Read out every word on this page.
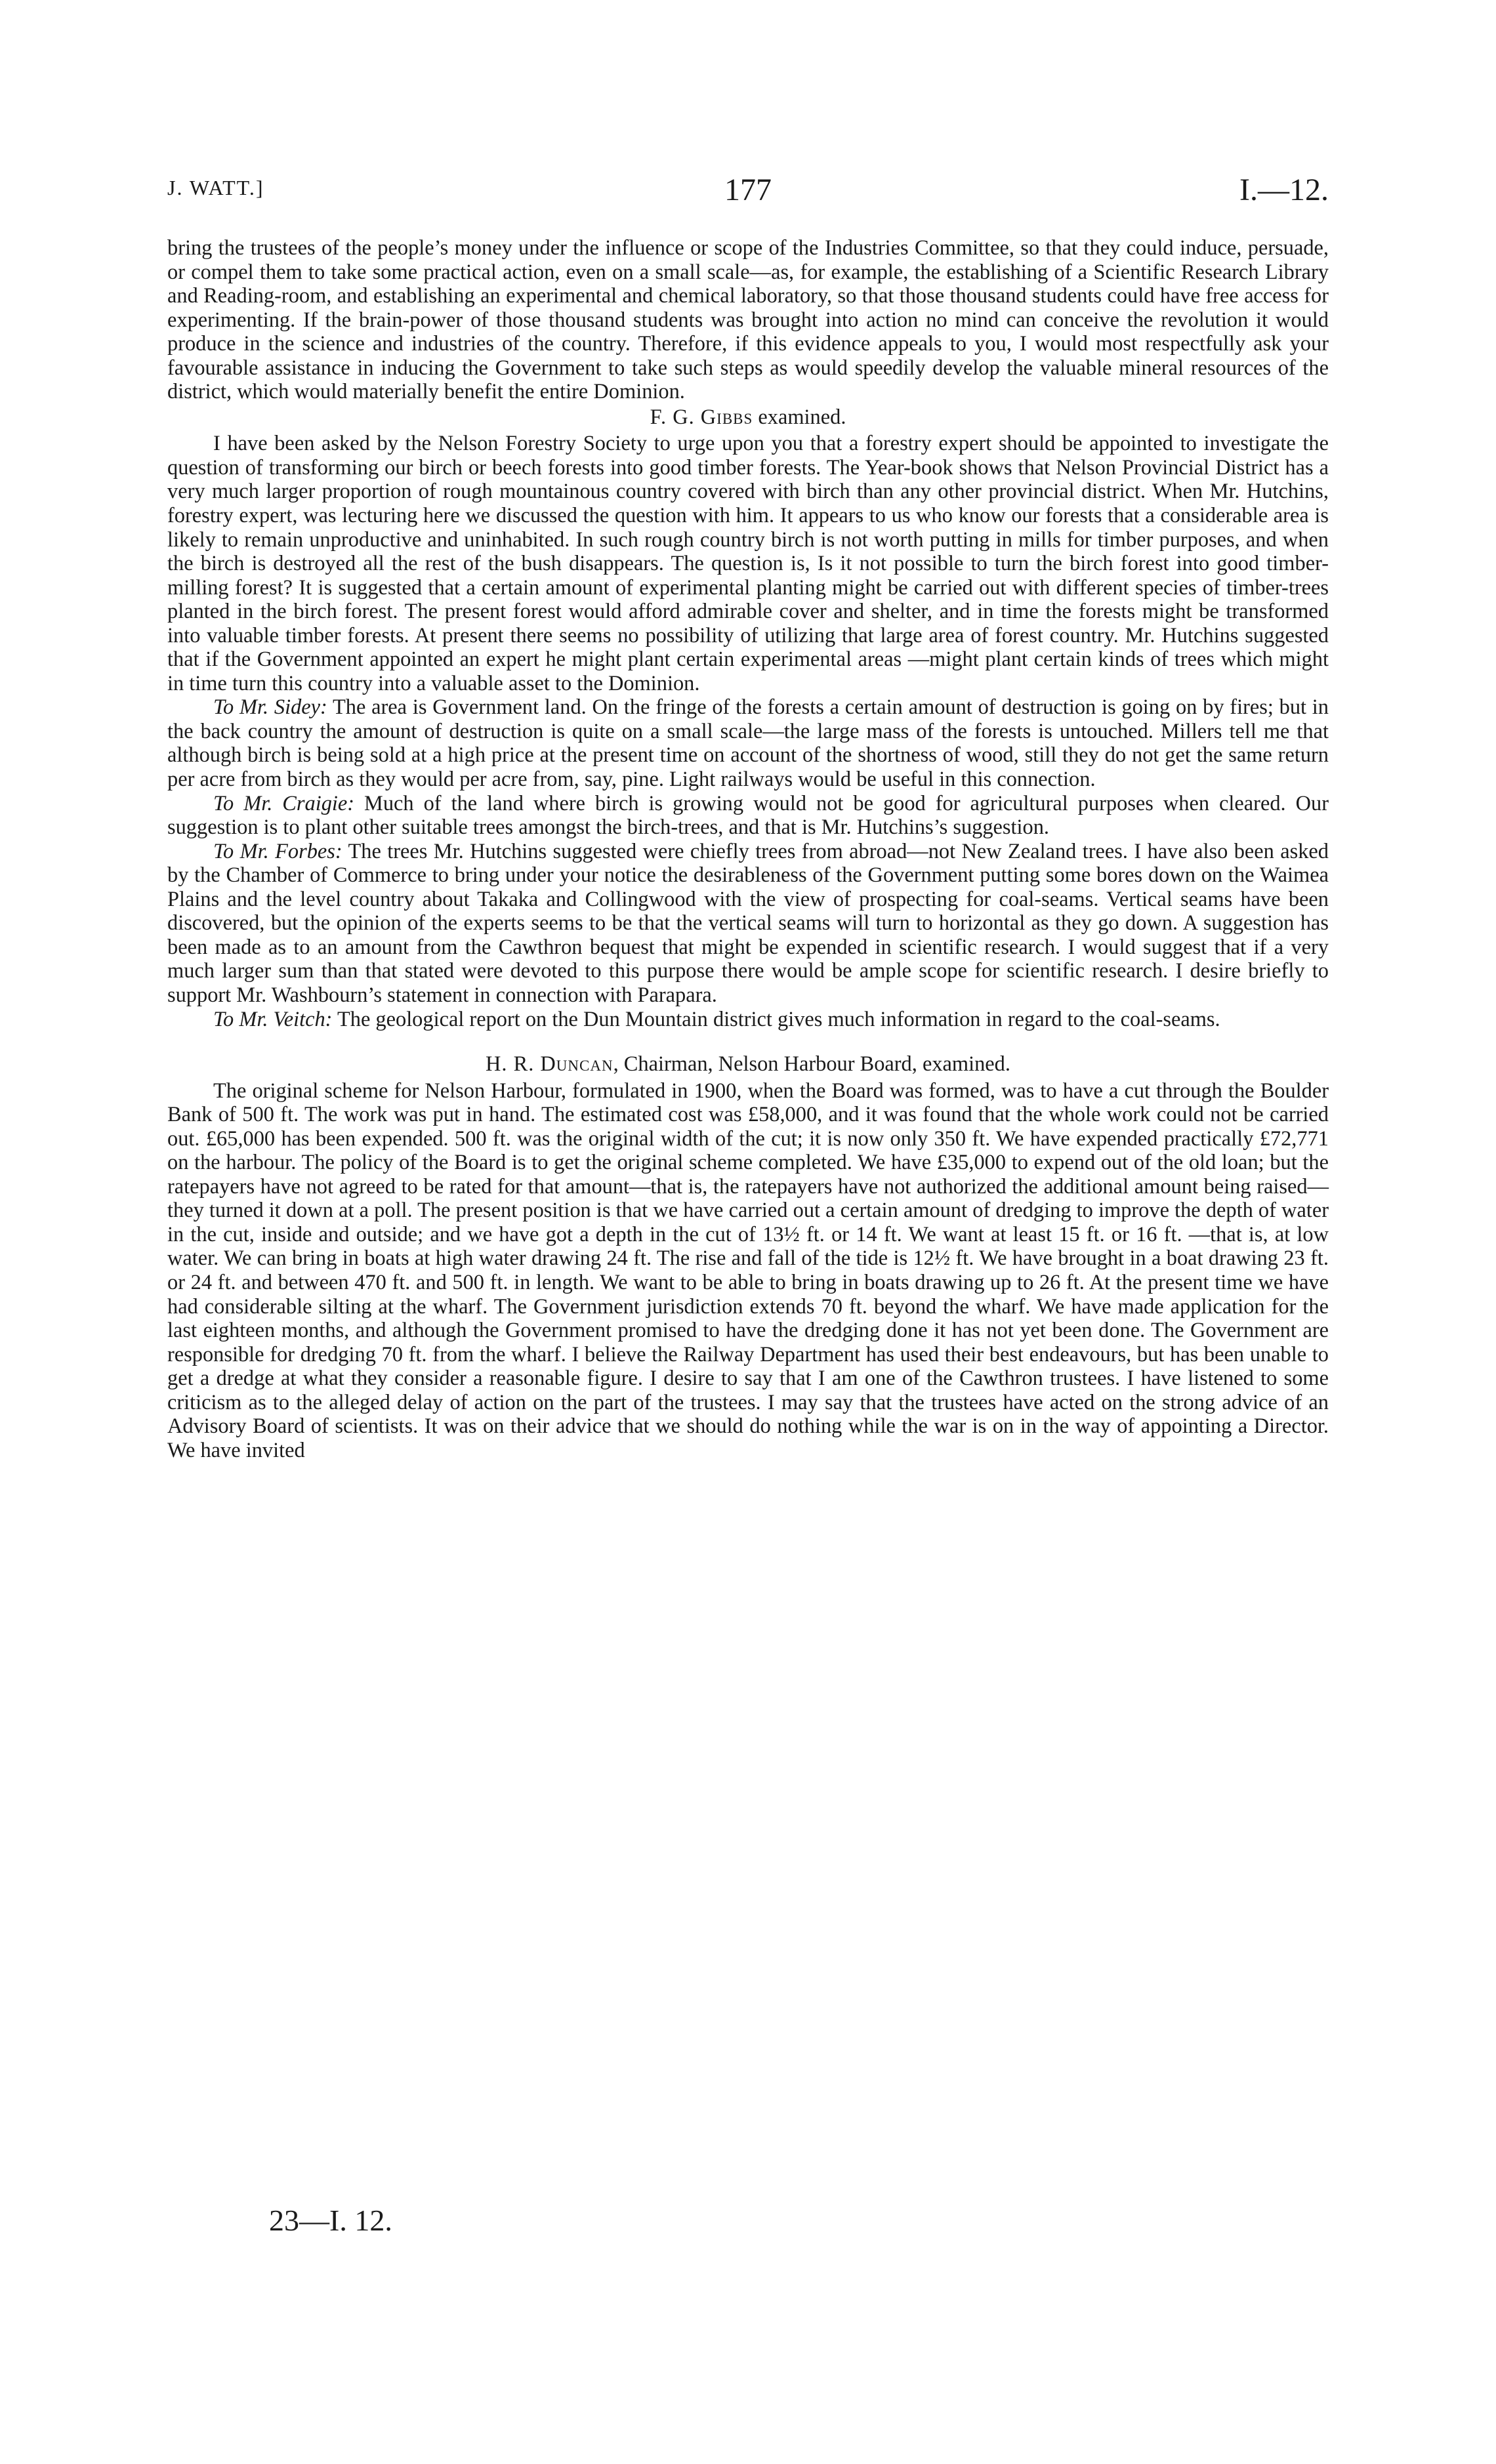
J. WATT.]	177	I.—12.

bring the trustees of the people’s money under the influence or scope of the Industries Committee, so that they could induce, persuade, or compel them to take some practical action, even on a small scale—as, for example, the establishing of a Scientific Research Library and Reading-room, and establishing an experimental and chemical laboratory, so that those thousand students could have free access for experimenting. If the brain-power of those thousand students was brought into action no mind can conceive the revolution it would produce in the science and industries of the country. Therefore, if this evidence appeals to you, I would most respectfully ask your favourable assistance in inducing the Government to take such steps as would speedily develop the valuable mineral resources of the district, which would materially benefit the entire Dominion.

F. G. Gibbs examined.

I have been asked by the Nelson Forestry Society to urge upon you that a forestry expert should be appointed to investigate the question of transforming our birch or beech forests into good timber forests. The Year-book shows that Nelson Provincial District has a very much larger proportion of rough mountainous country covered with birch than any other provincial district. When Mr. Hutchins, forestry expert, was lecturing here we discussed the question with him. It appears to us who know our forests that a considerable area is likely to remain unproductive and uninhabited. In such rough country birch is not worth putting in mills for timber purposes, and when the birch is destroyed all the rest of the bush disappears. The question is, Is it not possible to turn the birch forest into good timber-milling forest? It is suggested that a certain amount of experimental planting might be carried out with different species of timber-trees planted in the birch forest. The present forest would afford admirable cover and shelter, and in time the forests might be transformed into valuable timber forests. At present there seems no possibility of utilizing that large area of forest country. Mr. Hutchins suggested that if the Government appointed an expert he might plant certain experimental areas —might plant certain kinds of trees which might in time turn this country into a valuable asset to the Dominion.

To Mr. Sidey: The area is Government land. On the fringe of the forests a certain amount of destruction is going on by fires; but in the back country the amount of destruction is quite on a small scale—the large mass of the forests is untouched. Millers tell me that although birch is being sold at a high price at the present time on account of the shortness of wood, still they do not get the same return per acre from birch as they would per acre from, say, pine. Light railways would be useful in this connection.

To Mr. Craigie: Much of the land where birch is growing would not be good for agricultural purposes when cleared. Our suggestion is to plant other suitable trees amongst the birch-trees, and that is Mr. Hutchins’s suggestion.

To Mr. Forbes: The trees Mr. Hutchins suggested were chiefly trees from abroad—not New Zealand trees. I have also been asked by the Chamber of Commerce to bring under your notice the desirableness of the Government putting some bores down on the Waimea Plains and the level country about Takaka and Collingwood with the view of prospecting for coal-seams. Vertical seams have been discovered, but the opinion of the experts seems to be that the vertical seams will turn to horizontal as they go down. A suggestion has been made as to an amount from the Cawthron bequest that might be expended in scientific research. I would suggest that if a very much larger sum than that stated were devoted to this purpose there would be ample scope for scientific research. I desire briefly to support Mr. Washbourn’s statement in connection with Parapara.

To Mr. Veitch: The geological report on the Dun Mountain district gives much information in regard to the coal-seams.

H. R. Duncan, Chairman, Nelson Harbour Board, examined.

The original scheme for Nelson Harbour, formulated in 1900, when the Board was formed, was to have a cut through the Boulder Bank of 500 ft. The work was put in hand. The estimated cost was £58,000, and it was found that the whole work could not be carried out. £65,000 has been expended. 500 ft. was the original width of the cut; it is now only 350 ft. We have expended practically £72,771 on the harbour. The policy of the Board is to get the original scheme completed. We have £35,000 to expend out of the old loan; but the ratepayers have not agreed to be rated for that amount—that is, the ratepayers have not authorized the additional amount being raised—they turned it down at a poll. The present position is that we have carried out a certain amount of dredging to improve the depth of water in the cut, inside and outside; and we have got a depth in the cut of 13½ ft. or 14 ft. We want at least 15 ft. or 16 ft. —that is, at low water. We can bring in boats at high water drawing 24 ft. The rise and fall of the tide is 12½ ft. We have brought in a boat drawing 23 ft. or 24 ft. and between 470 ft. and 500 ft. in length. We want to be able to bring in boats drawing up to 26 ft. At the present time we have had considerable silting at the wharf. The Government jurisdiction extends 70 ft. beyond the wharf. We have made application for the last eighteen months, and although the Government promised to have the dredging done it has not yet been done. The Government are responsible for dredging 70 ft. from the wharf. I believe the Railway Department has used their best endeavours, but has been unable to get a dredge at what they consider a reasonable figure. I desire to say that I am one of the Cawthron trustees. I have listened to some criticism as to the alleged delay of action on the part of the trustees. I may say that the trustees have acted on the strong advice of an Advisory Board of scientists. It was on their advice that we should do nothing while the war is on in the way of appointing a Director. We have invited

23—I. 12.
